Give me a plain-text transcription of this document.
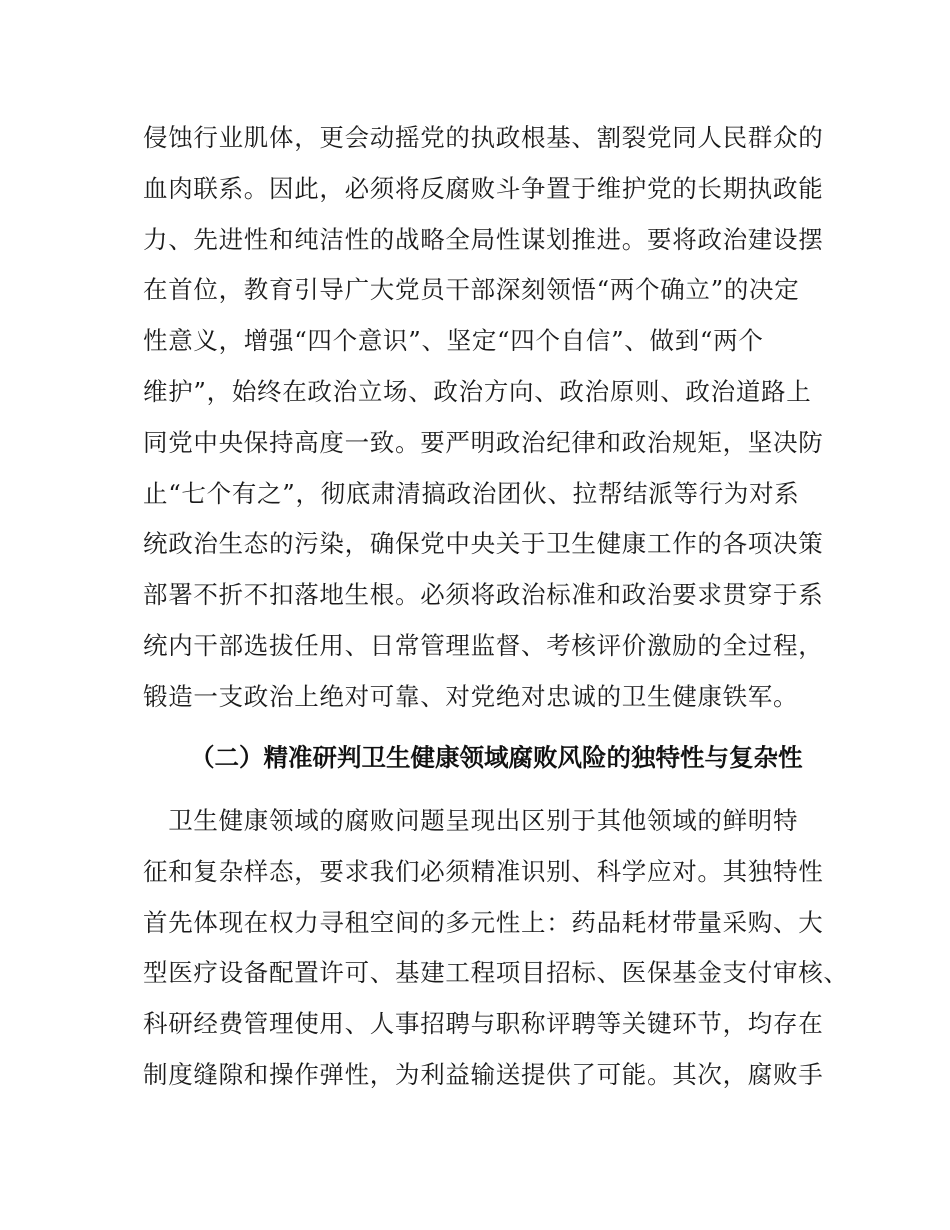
侵蚀行业肌体，更会动摇党的执政根基、割裂党同人民群众的
血肉联系。因此，必须将反腐败斗争置于维护党的长期执政能
力、先进性和纯洁性的战略全局性谋划推进。要将政治建设摆
在首位，教育引导广大党员干部深刻领悟“两个确立”的决定
性意义，增强“四个意识”、坚定“四个自信”、做到“两个
维护”，始终在政治立场、政治方向、政治原则、政治道路上
同党中央保持高度一致。要严明政治纪律和政治规矩，坚决防
止“七个有之”，彻底肃清搞政治团伙、拉帮结派等行为对系
统政治生态的污染，确保党中央关于卫生健康工作的各项决策
部署不折不扣落地生根。必须将政治标准和政治要求贯穿于系
统内干部选拔任用、日常管理监督、考核评价激励的全过程，
锻造一支政治上绝对可靠、对党绝对忠诚的卫生健康铁军。
（二）精准研判卫生健康领域腐败风险的独特性与复杂性
　卫生健康领域的腐败问题呈现出区别于其他领域的鲜明特
征和复杂样态，要求我们必须精准识别、科学应对。其独特性
首先体现在权力寻租空间的多元性上：药品耗材带量采购、大
型医疗设备配置许可、基建工程项目招标、医保基金支付审核、
科研经费管理使用、人事招聘与职称评聘等关键环节，均存在
制度缝隙和操作弹性，为利益输送提供了可能。其次，腐败手
